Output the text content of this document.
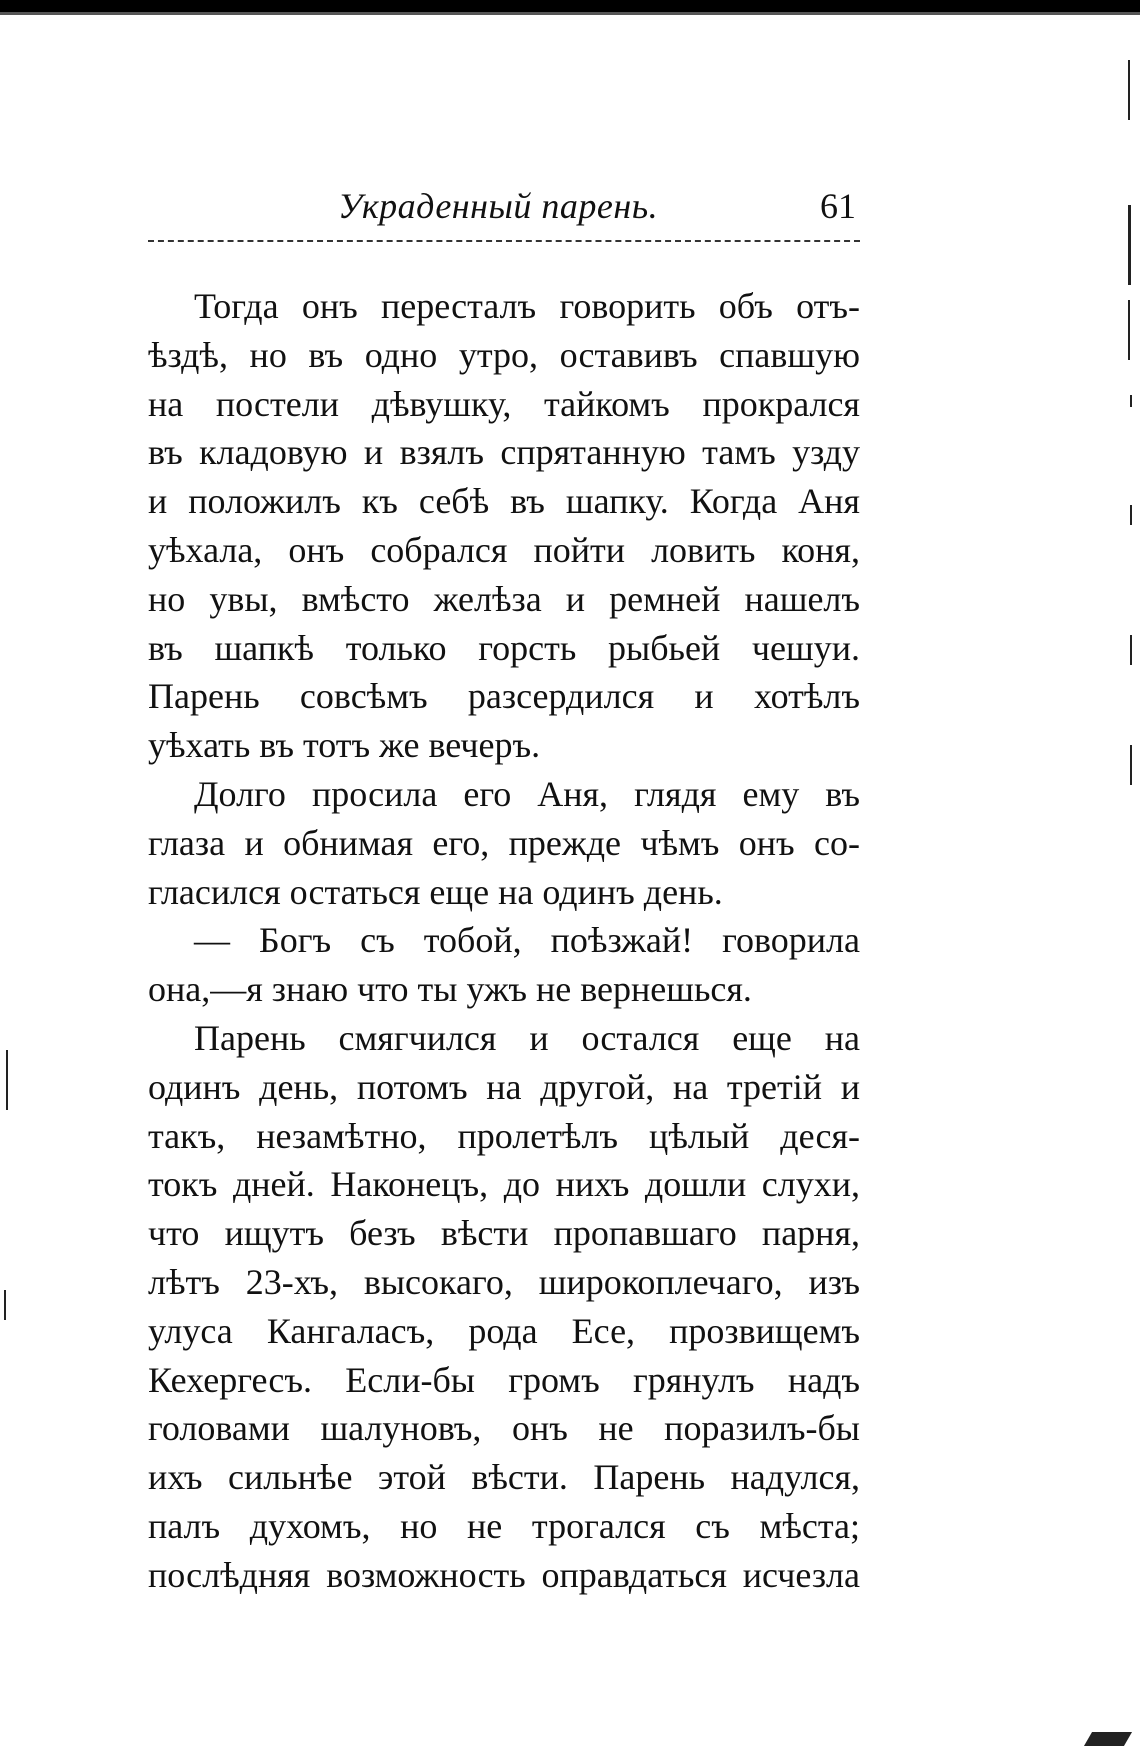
Украденный парень.	61
Тогда онъ пересталъ говорить объ отъ-
ѣздѣ, но въ одно утро, оставивъ спавшую
на постели дѣвушку, тайкомъ прокрался
въ кладовую и взялъ спрятанную тамъ узду
и положилъ къ себѣ въ шапку. Когда Аня
уѣхала, онъ собрался пойти ловить коня,
но увы, вмѣсто желѣза и ремней нашелъ
въ шапкѣ только горсть рыбьей чешуи.
Парень совсѣмъ разсердился и хотѣлъ
уѣхать въ тотъ же вечеръ.
Долго просила его Аня, глядя ему въ
глаза и обнимая его, прежде чѣмъ онъ со-
гласился остаться еще на одинъ день.
— Богъ съ тобой, поѣзжай! говорила
она,—я знаю что ты ужъ не вернешься.
Парень смягчился и остался еще на
одинъ день, потомъ на другой, на третій и
такъ, незамѣтно, пролетѣлъ цѣлый деся-
токъ дней. Наконецъ, до нихъ дошли слухи,
что ищутъ безъ вѣсти пропавшаго парня,
лѣтъ 23-хъ, высокаго, широкоплечаго, изъ
улуса Кангаласъ, рода Есе, прозвищемъ
Кехергесъ. Если-бы громъ грянулъ надъ
головами шалуновъ, онъ не поразилъ-бы
ихъ сильнѣе этой вѣсти. Парень надулся,
палъ духомъ, но не трогался съ мѣста;
послѣдняя возможность оправдаться исчезла
